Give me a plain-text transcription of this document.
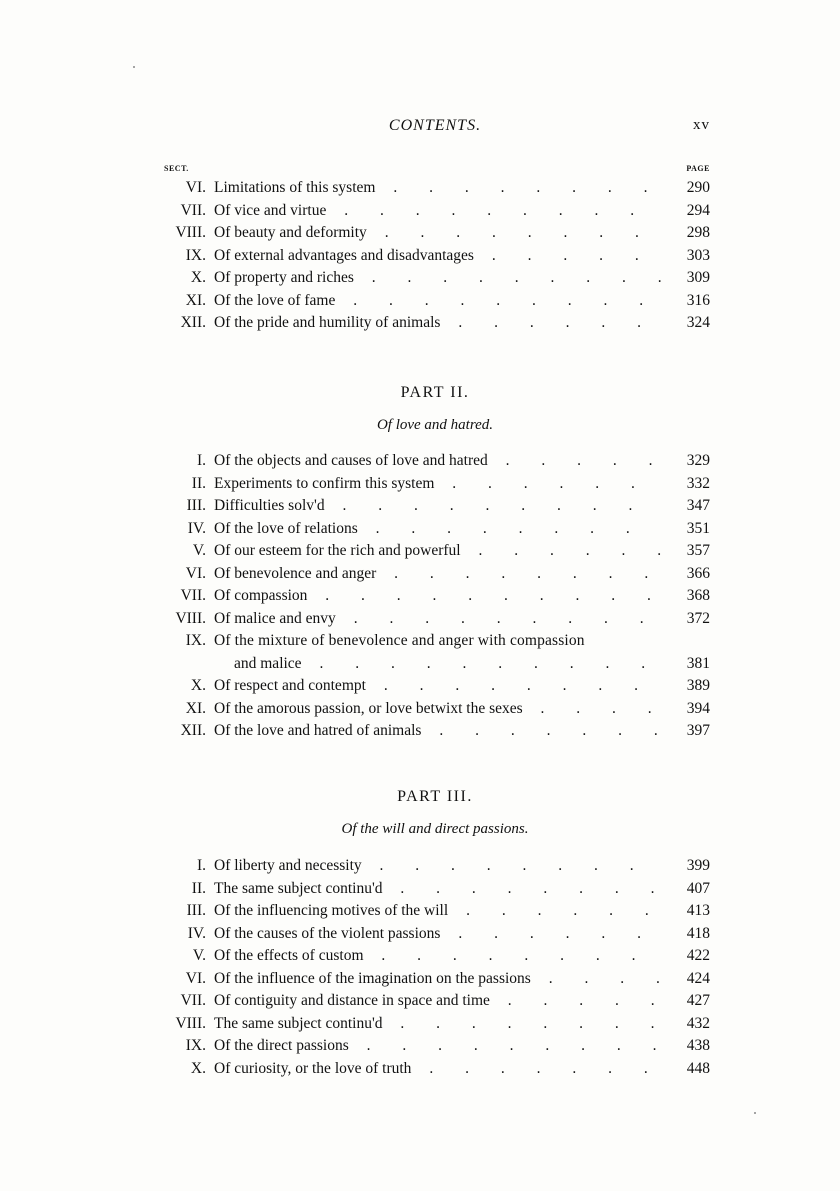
CONTENTS.	xv
SECT.	PAGE
VI. Limitations of this system . . .	290
VII. Of vice and virtue . . .	294
VIII. Of beauty and deformity . . .	298
IX. Of external advantages and disadvantages . . .	303
X. Of property and riches . . .	309
XI. Of the love of fame . . .	316
XII. Of the pride and humility of animals . . .	324
PART II.
Of love and hatred.
I. Of the objects and causes of love and hatred . . .	329
II. Experiments to confirm this system . . .	332
III. Difficulties solv'd . . .	347
IV. Of the love of relations . . .	351
V. Of our esteem for the rich and powerful . . .	357
VI. Of benevolence and anger . . .	366
VII. Of compassion . . .	368
VIII. Of malice and envy . . .	372
IX. Of the mixture of benevolence and anger with compassion
and malice . . .	381
X. Of respect and contempt . . .	389
XI. Of the amorous passion, or love betwixt the sexes . . .	394
XII. Of the love and hatred of animals . . .	397
PART III.
Of the will and direct passions.
I. Of liberty and necessity . . .	399
II. The same subject continu'd . . .	407
III. Of the influencing motives of the will . . .	413
IV. Of the causes of the violent passions . . .	418
V. Of the effects of custom . . .	422
VI. Of the influence of the imagination on the passions . . .	424
VII. Of contiguity and distance in space and time . . .	427
VIII. The same subject continu'd . . .	432
IX. Of the direct passions . . .	438
X. Of curiosity, or the love of truth . . .	448
